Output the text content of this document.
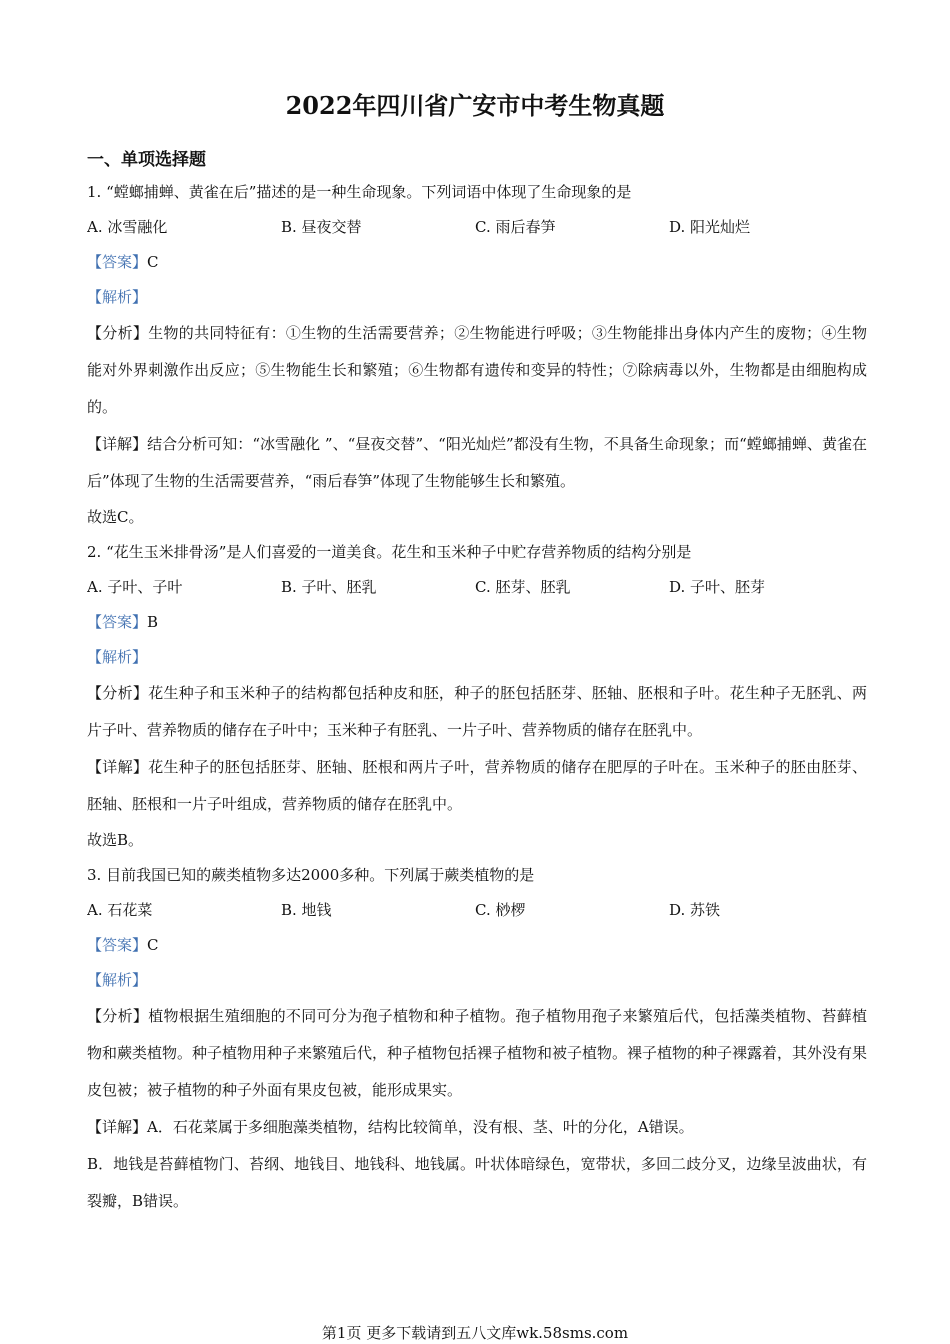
2022年四川省广安市中考生物真题
一、单项选择题
1. “螳螂捕蝉、黄雀在后”描述的是一种生命现象。下列词语中体现了生命现象的是
A. 冰雪融化	B. 昼夜交替	C. 雨后春笋	D. 阳光灿烂
【答案】C
【解析】

【分析】生物的共同特征有：①生物的生活需要营养；②生物能进行呼吸；③生物能排出身体内产生的废物；④生物能对外界刺激作出反应；⑤生物能生长和繁殖；⑥生物都有遗传和变异的特性；⑦除病毒以外，生物都是由细胞构成的。

【详解】结合分析可知：“冰雪融化 ”、“昼夜交替”、“阳光灿烂”都没有生物，不具备生命现象；而“螳螂捕蝉、黄雀在后”体现了生物的生活需要营养，“雨后春笋”体现了生物能够生长和繁殖。

故选C。
2. “花生玉米排骨汤”是人们喜爱的一道美食。花生和玉米种子中贮存营养物质的结构分别是
A. 子叶、子叶	B. 子叶、胚乳	C. 胚芽、胚乳	D. 子叶、胚芽
【答案】B
【解析】

【分析】花生种子和玉米种子的结构都包括种皮和胚，种子的胚包括胚芽、胚轴、胚根和子叶。花生种子无胚乳、两片子叶、营养物质的储存在子叶中；玉米种子有胚乳、一片子叶、营养物质的储存在胚乳中。

【详解】花生种子的胚包括胚芽、胚轴、胚根和两片子叶，营养物质的储存在肥厚的子叶在。玉米种子的胚由胚芽、胚轴、胚根和一片子叶组成，营养物质的储存在胚乳中。

故选B。
3. 目前我国已知的蕨类植物多达2000多种。下列属于蕨类植物的是
A. 石花菜	B. 地钱	C. 桫椤	D. 苏铁
【答案】C
【解析】

【分析】植物根据生殖细胞的不同可分为孢子植物和种子植物。孢子植物用孢子来繁殖后代，包括藻类植物、苔藓植物和蕨类植物。种子植物用种子来繁殖后代，种子植物包括裸子植物和被子植物。裸子植物的种子裸露着，其外没有果皮包被；被子植物的种子外面有果皮包被，能形成果实。

【详解】A．石花菜属于多细胞藻类植物，结构比较简单，没有根、茎、叶的分化，A错误。

B．地钱是苔藓植物门、苔纲、地钱目、地钱科、地钱属。叶状体暗绿色，宽带状，多回二歧分叉，边缘呈波曲状，有裂瓣，B错误。

第1页 更多下载请到五八文库wk.58sms.com
